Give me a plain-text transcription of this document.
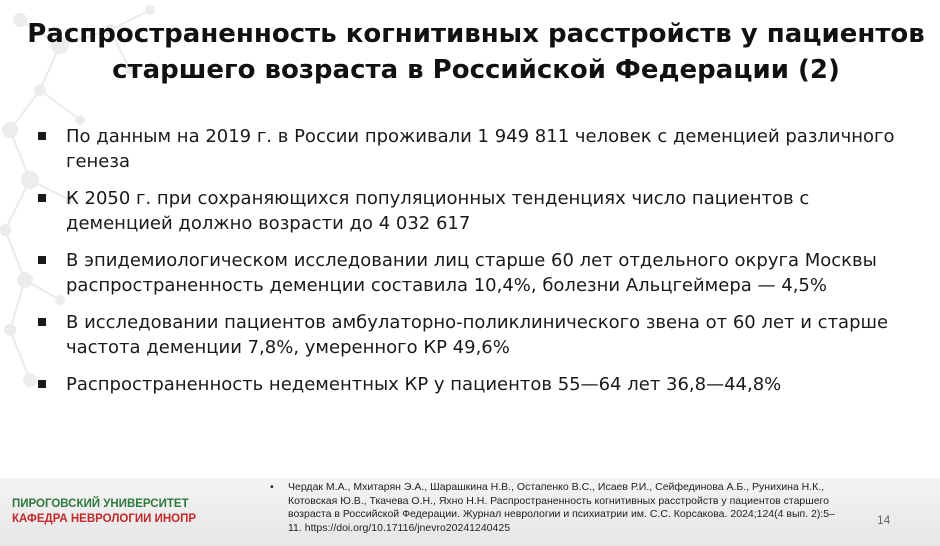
Распространенность когнитивных расстройств у пациентов
старшего возраста в Российской Федерации (2)
По данным на 2019 г. в России проживали 1 949 811 человек с деменцией различного генеза
К 2050 г. при сохраняющихся популяционных тенденциях число пациентов с деменцией должно возрасти до 4 032 617
В эпидемиологическом исследовании лиц старше 60 лет отдельного округа Москвы распространенность деменции составила 10,4%, болезни Альцгеймера — 4,5%
В исследовании пациентов амбулаторно-поликлинического звена от 60 лет и старше частота деменции 7,8%, умеренного КР 49,6%
Распространенность недементных КР у пациентов 55—64 лет 36,8—44,8%
ПИРОГОВСКИЙ УНИВЕРСИТЕТ
КАФЕДРА НЕВРОЛОГИИ ИНОПР
• Чердак М.А., Мхитарян Э.А., Шарашкина Н.В., Остапенко В.С., Исаев Р.И., Сейфединова А.Б., Рунихина Н.К., Котовская Ю.В., Ткачева О.Н., Яхно Н.Н. Распространенность когнитивных расстройств у пациентов старшего возраста в Российской Федерации. Журнал неврологии и психиатрии им. С.С. Корсакова. 2024;124(4 вып. 2):5–11. https://doi.org/10.17116/jnevro20241240425
14
